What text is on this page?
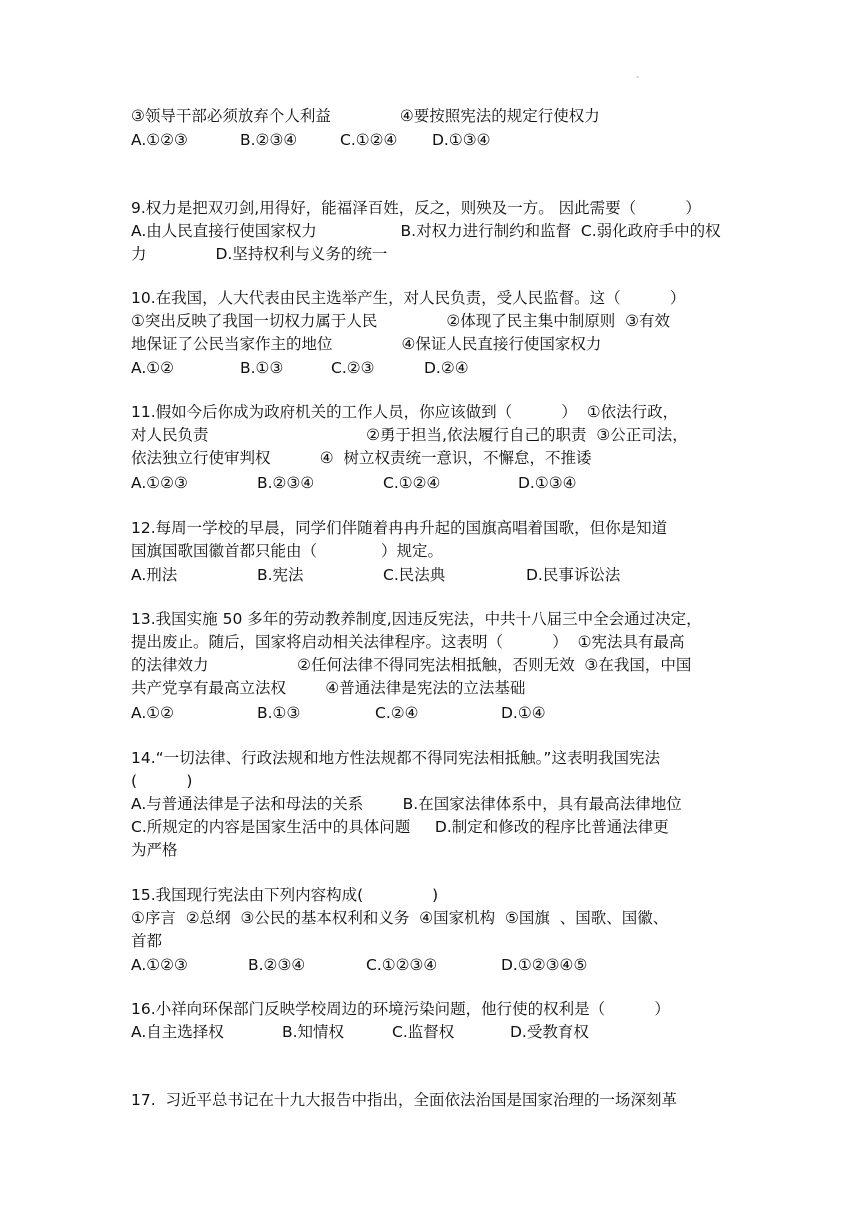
③领导干部必须放弃个人利益              ④要按照宪法的规定行使权力
A.①②③	B.②③④	C.①②④ D.①③④
9.权力是把双刃剑,用得好，能福泽百姓，反之，则殃及一方。 因此需要（          ）
A.由人民直接行使国家权力                 B.对权力进行制约和监督  C.弱化政府手中的权
力              D.坚持权利与义务的统一
10.在我国，人大代表由民主选举产生，对人民负责，受人民监督。这（          ）
①突出反映了我国一切权力属于人民              ②体现了民主集中制原则  ③有效
地保证了公民当家作主的地位              ④保证人民直接行使国家权力
A.①②	B.①③	C.②③	D.②④
11.假如今后你成为政府机关的工作人员，你应该做到（          ）  ①依法行政，
对人民负责                                ②勇于担当,依法履行自己的职责  ③公正司法，
依法独立行使审判权          ④  树立权责统一意识，不懈怠，不推诿
A.①②③	B.②③④	C.①②④	D.①③④
12.每周一学校的早晨，同学们伴随着冉冉升起的国旗高唱着国歌，但你是知道
国旗国歌国徽首都只能由（             ）规定。
A.刑法	B.宪法	C.民法典	D.民事诉讼法
13.我国实施 50 多年的劳动教养制度,因违反宪法，中共十八届三中全会通过决定，
提出废止。随后，国家将启动相关法律程序。这表明（          ）  ①宪法具有最高
的法律效力                  ②任何法律不得同宪法相抵触，否则无效  ③在我国，中国
共产党享有最高立法权        ④普通法律是宪法的立法基础
A.①②	B.①③	C.②④	D.①④
14.“一切法律、行政法规和地方性法规都不得同宪法相抵触。”这表明我国宪法
(          )
A.与普通法律是子法和母法的关系        B.在国家法律体系中，具有最高法律地位
C.所规定的内容是国家生活中的具体问题     D.制定和修改的程序比普通法律更
为严格
15.我国现行宪法由下列内容构成(              )
①序言  ②总纲  ③公民的基本权利和义务  ④国家机构  ⑤国旗  、国歌、国徽、
首都
A.①②③	B.②③④	C.①②③④	D.①②③④⑤
16.小祥向环保部门反映学校周边的环境污染问题，他行使的权利是（          ）
A.自主选择权	B.知情权	C.监督权	D.受教育权
17.  习近平总书记在十九大报告中指出，全面依法治国是国家治理的一场深刻革
